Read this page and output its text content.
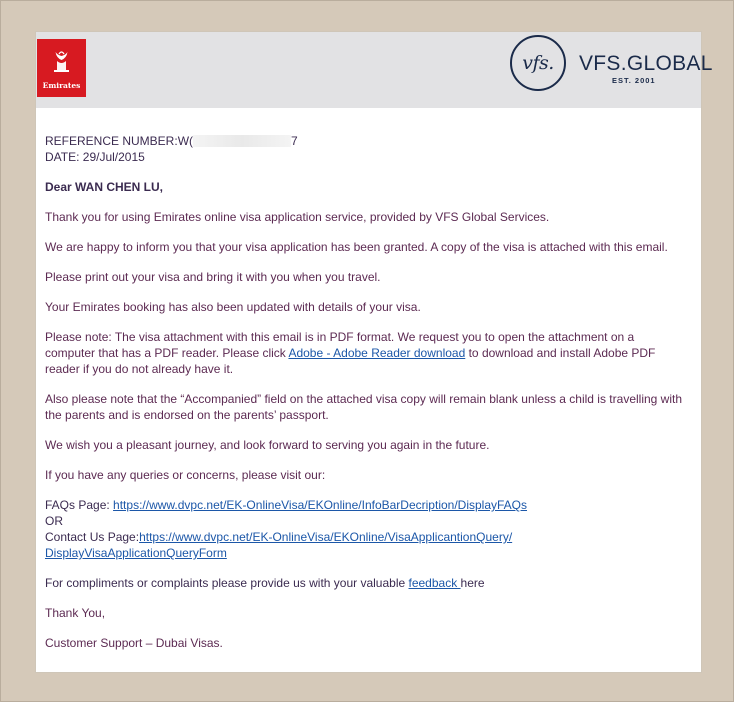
Emirates
vfs. VFS.GLOBAL
EST. 2001

REFERENCE NUMBER:W(	7

DATE: 29/Jul/2015

Dear WAN CHEN LU,

Thank you for using Emirates online visa application service, provided by VFS Global Services.

We are happy to inform you that your visa application has been granted. A copy of the visa is attached with this email.

Please print out your visa and bring it with you when you travel.

Your Emirates booking has also been updated with details of your visa.

Please note: The visa attachment with this email is in PDF format. We request you to open the attachment on a computer that has a PDF reader. Please click Adobe - Adobe Reader download to download and install Adobe PDF reader if you do not already have it.

Also please note that the “Accompanied” field on the attached visa copy will remain blank unless a child is travelling with the parents and is endorsed on the parents’ passport.

We wish you a pleasant journey, and look forward to serving you again in the future.

If you have any queries or concerns, please visit our:

FAQs Page: https://www.dvpc.net/EK-OnlineVisa/EKOnline/InfoBarDecription/DisplayFAQs

OR

Contact Us Page:https://www.dvpc.net/EK-OnlineVisa/EKOnline/VisaApplicantionQuery/
DisplayVisaApplicationQueryForm

For compliments or complaints please provide us with your valuable feedback here

Thank You,

Customer Support – Dubai Visas.
